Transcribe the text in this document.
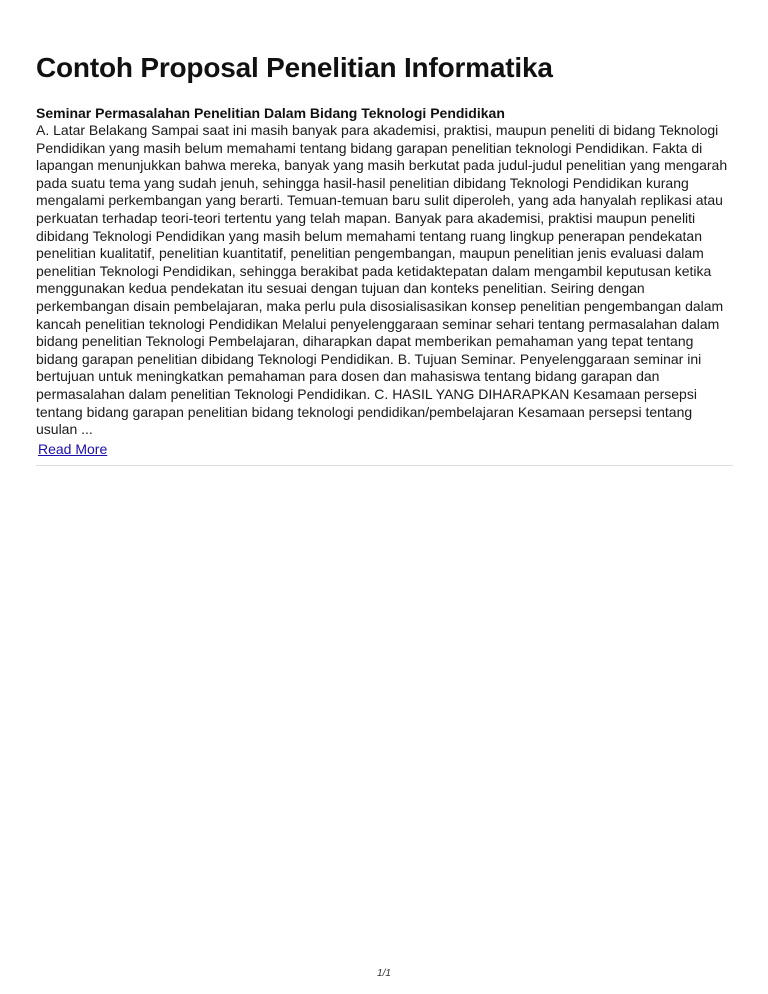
Contoh Proposal Penelitian Informatika
Seminar Permasalahan Penelitian Dalam Bidang Teknologi Pendidikan

A. Latar Belakang Sampai saat ini masih banyak para akademisi, praktisi, maupun peneliti di bidang Teknologi Pendidikan yang masih belum memahami tentang bidang garapan penelitian teknologi Pendidikan. Fakta di lapangan menunjukkan bahwa mereka, banyak yang masih berkutat pada judul-judul penelitian yang mengarah pada suatu tema yang sudah jenuh, sehingga hasil-hasil penelitian dibidang Teknologi Pendidikan kurang mengalami perkembangan yang berarti. Temuan-temuan baru sulit diperoleh, yang ada hanyalah replikasi atau perkuatan terhadap teori-teori tertentu yang telah mapan. Banyak para akademisi, praktisi maupun peneliti dibidang Teknologi Pendidikan yang masih belum memahami tentang ruang lingkup penerapan pendekatan penelitian kualitatif, penelitian kuantitatif, penelitian pengembangan, maupun penelitian jenis evaluasi dalam penelitian Teknologi Pendidikan, sehingga berakibat pada ketidaktepatan dalam mengambil keputusan ketika menggunakan kedua pendekatan itu sesuai dengan tujuan dan konteks penelitian. Seiring dengan perkembangan disain pembelajaran, maka perlu pula disosialisasikan konsep penelitian pengembangan dalam kancah penelitian teknologi Pendidikan Melalui penyelenggaraan seminar sehari tentang permasalahan dalam bidang penelitian Teknologi Pembelajaran, diharapkan dapat memberikan pemahaman yang tepat tentang bidang garapan penelitian dibidang Teknologi Pendidikan. B. Tujuan Seminar. Penyelenggaraan seminar ini bertujuan untuk meningkatkan pemahaman para dosen dan mahasiswa tentang bidang garapan dan permasalahan dalam penelitian Teknologi Pendidikan. C. HASIL YANG DIHARAPKAN Kesamaan persepsi tentang bidang garapan penelitian bidang teknologi pendidikan/pembelajaran Kesamaan persepsi tentang usulan ...

Read More
1/1
